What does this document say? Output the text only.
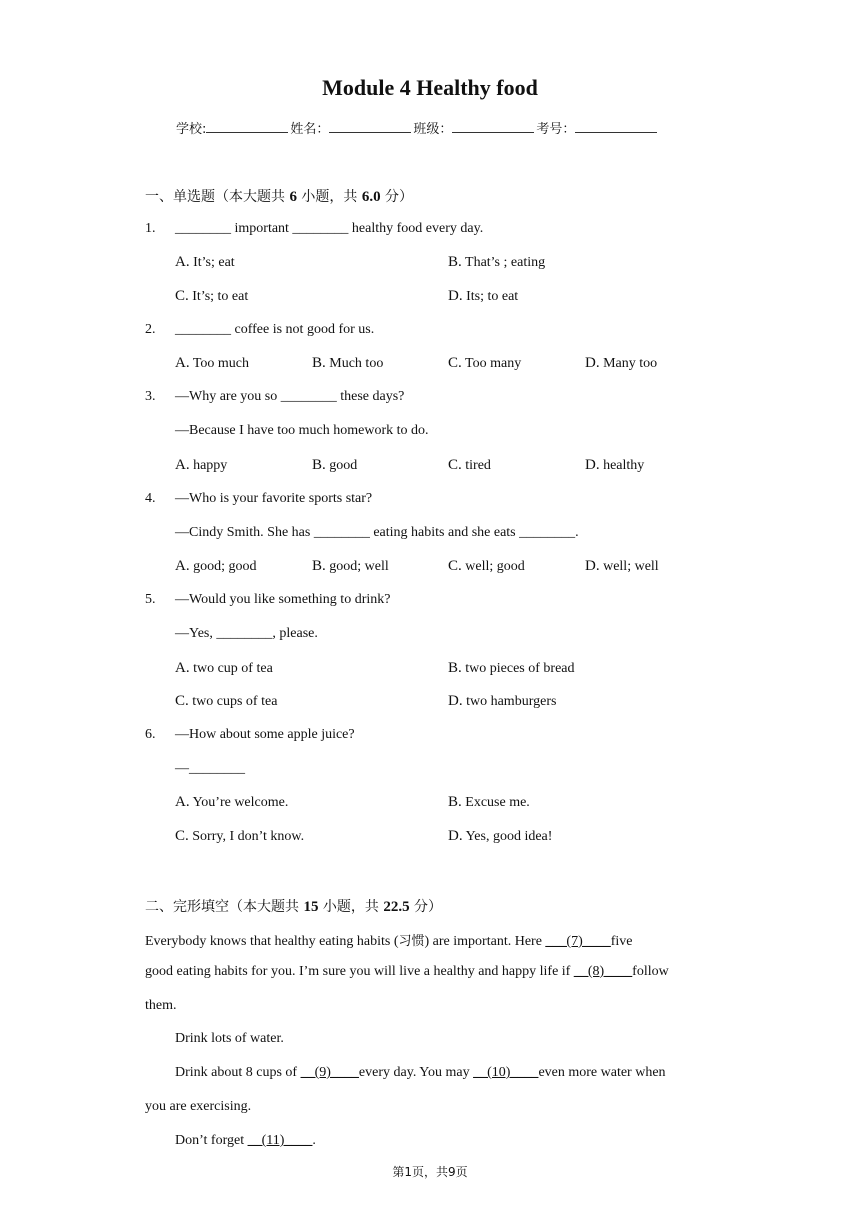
Module 4 Healthy food
学校:	姓名：	班级：	考号：
一、单选题（本大题共 6 小题，共 6.0 分）
1. ________ important ________ healthy food every day.
A. It’s; eat	B. That’s ; eating
C. It’s; to eat	D. Its; to eat
2. ________ coffee is not good for us.
A. Too much	B. Much too	C. Too many	D. Many too
3. —Why are you so ________ these days?
—Because I have too much homework to do.
A. happy	B. good	C. tired	D. healthy
4. —Who is your favorite sports star?
—Cindy Smith. She has ________ eating habits and she eats ________.
A. good; good	B. good; well	C. well; good	D. well; well
5. —Would you like something to drink?
—Yes, ________, please.
A. two cup of tea	B. two pieces of bread
C. two cups of tea	D. two hamburgers
6. —How about some apple juice?
—________
A. You’re welcome.	B. Excuse me.
C. Sorry, I don’t know.	D. Yes, good idea!
二、完形填空（本大题共 15 小题，共 22.5 分）
Everybody knows that healthy eating habits (习惯) are important. Here ___(7)____five
good eating habits for you. I’m sure you will live a healthy and happy life if __(8)____follow
them.
Drink lots of water.
Drink about 8 cups of __(9)____every day. You may __(10)____even more water when
you are exercising.
Don’t forget __(11)____.
第1页，共9页
